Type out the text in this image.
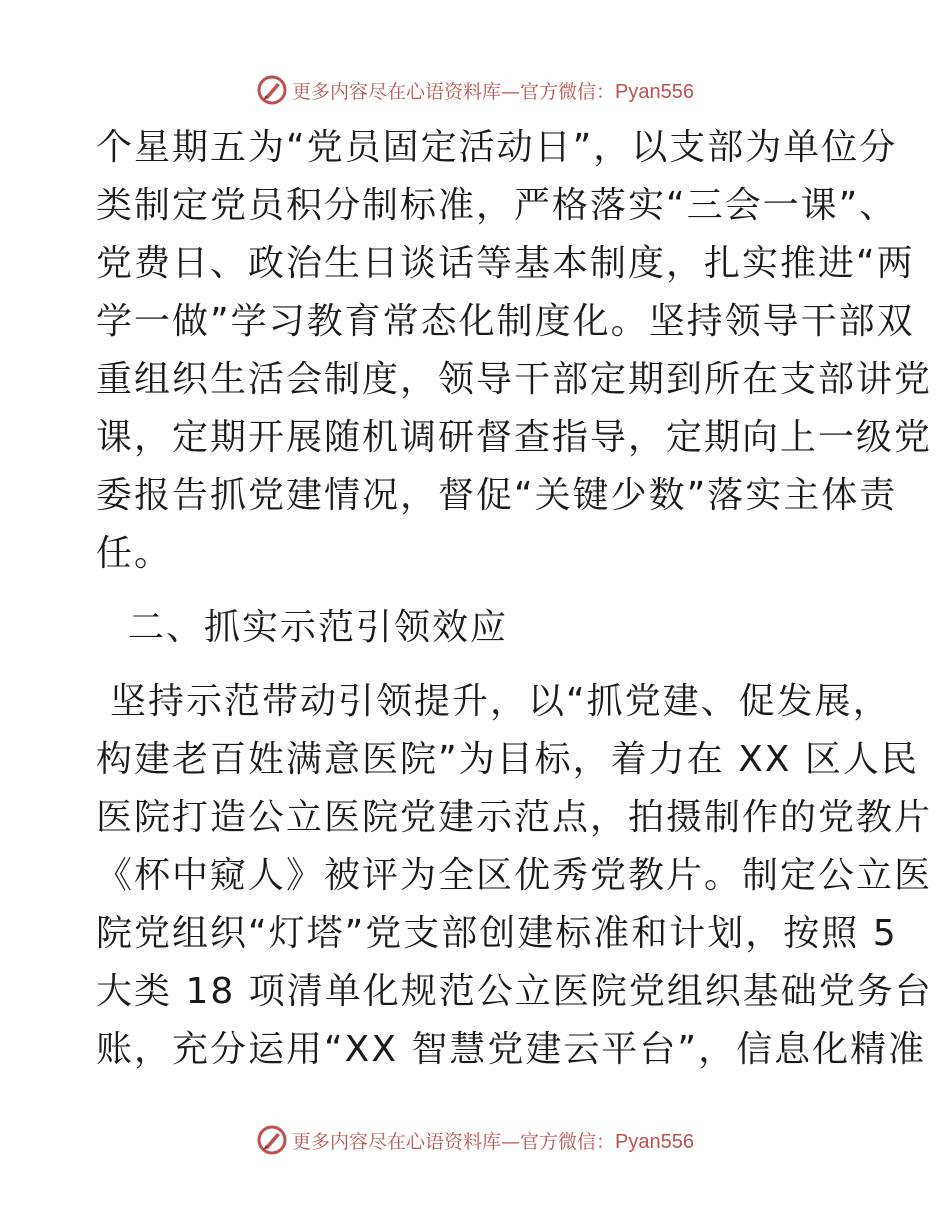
更多内容尽在心语资料库—官方微信：Pyan556
个星期五为“党员固定活动日”，以支部为单位分
类制定党员积分制标准，严格落实“三会一课”、
党费日、政治生日谈话等基本制度，扎实推进“两
学一做”学习教育常态化制度化。坚持领导干部双
重组织生活会制度，领导干部定期到所在支部讲党
课，定期开展随机调研督查指导，定期向上一级党
委报告抓党建情况，督促“关键少数”落实主体责
任。
二、抓实示范引领效应
坚持示范带动引领提升，以“抓党建、促发展，
构建老百姓满意医院”为目标，着力在 XX 区人民
医院打造公立医院党建示范点，拍摄制作的党教片
《杯中窥人》被评为全区优秀党教片。制定公立医
院党组织“灯塔”党支部创建标准和计划，按照 5
大类 18 项清单化规范公立医院党组织基础党务台
账，充分运用“XX 智慧党建云平台”，信息化精准
更多内容尽在心语资料库—官方微信：Pyan556
